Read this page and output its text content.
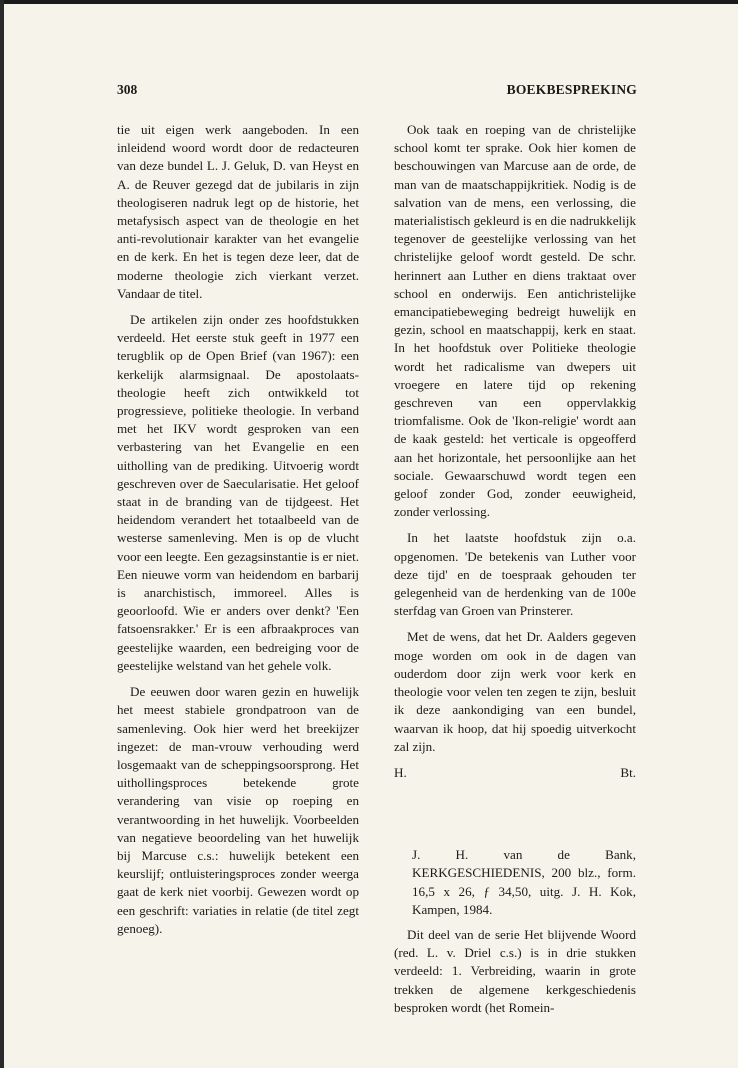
308	BOEKBESPREKING

tie uit eigen werk aangeboden. In een inleidend woord wordt door de redacteuren van deze bundel L. J. Geluk, D. van Heyst en A. de Reuver gezegd dat de jubilaris in zijn theologiseren nadruk legt op de historie, het metafysisch aspect van de theologie en het anti-revolutionair karakter van het evangelie en de kerk. En het is tegen deze leer, dat de moderne theologie zich vierkant verzet. Vandaar de titel.

De artikelen zijn onder zes hoofdstukken verdeeld. Het eerste stuk geeft in 1977 een terugblik op de Open Brief (van 1967): een kerkelijk alarmsignaal. De apostolaats-theologie heeft zich ontwikkeld tot progressieve, politieke theologie. In verband met het IKV wordt gesproken van een verbastering van het Evangelie en een uitholling van de prediking. Uitvoerig wordt geschreven over de Saecularisatie. Het geloof staat in de branding van de tijdgeest. Het heidendom verandert het totaalbeeld van de westerse samenleving. Men is op de vlucht voor een leegte. Een gezagsinstantie is er niet. Een nieuwe vorm van heidendom en barbarij is anarchistisch, immoreel. Alles is geoorloofd. Wie er anders over denkt? 'Een fatsoensrakker.' Er is een afbraakproces van geestelijke waarden, een bedreiging voor de geestelijke welstand van het gehele volk.

De eeuwen door waren gezin en huwelijk het meest stabiele grondpatroon van de samenleving. Ook hier werd het breekijzer ingezet: de man-vrouw verhouding werd losgemaakt van de scheppingsoorsprong. Het uithollingsproces betekende grote verandering van visie op roeping en verantwoording in het huwelijk. Voorbeelden van negatieve beoordeling van het huwelijk bij Marcuse c.s.: huwelijk betekent een keurslijf; ontluisteringsproces zonder weerga gaat de kerk niet voorbij. Gewezen wordt op een geschrift: variaties in relatie (de titel zegt genoeg).

Ook taak en roeping van de christelijke school komt ter sprake. Ook hier komen de beschouwingen van Marcuse aan de orde, de man van de maatschappijkritiek. Nodig is de salvation van de mens, een verlossing, die materialistisch gekleurd is en die nadrukkelijk tegenover de geestelijke verlossing van het christelijke geloof wordt gesteld. De schr. herinnert aan Luther en diens traktaat over school en onderwijs. Een antichristelijke emancipatiebeweging bedreigt huwelijk en gezin, school en maatschappij, kerk en staat. In het hoofdstuk over Politieke theologie wordt het radicalisme van dwepers uit vroegere en latere tijd op rekening geschreven van een oppervlakkig triomfalisme. Ook de 'Ikon-religie' wordt aan de kaak gesteld: het verticale is opgeofferd aan het horizontale, het persoonlijke aan het sociale. Gewaarschuwd wordt tegen een geloof zonder God, zonder eeuwigheid, zonder verlossing.

In het laatste hoofdstuk zijn o.a. opgenomen. 'De betekenis van Luther voor deze tijd' en de toespraak gehouden ter gelegenheid van de herdenking van de 100e sterfdag van Groen van Prinsterer.

Met de wens, dat het Dr. Aalders gegeven moge worden om ook in de dagen van ouderdom door zijn werk voor kerk en theologie voor velen ten zegen te zijn, besluit ik deze aankondiging van een bundel, waarvan ik hoop, dat hij spoedig uitverkocht zal zijn.

H.	Bt.

J. H. van de Bank, KERKGESCHIEDENIS, 200 blz., form. 16,5 x 26, ƒ 34,50, uitg. J. H. Kok, Kampen, 1984.

Dit deel van de serie Het blijvende Woord (red. L. v. Driel c.s.) is in drie stukken verdeeld: 1. Verbreiding, waarin in grote trekken de algemene kerkgeschiedenis besproken wordt (het Romein-
